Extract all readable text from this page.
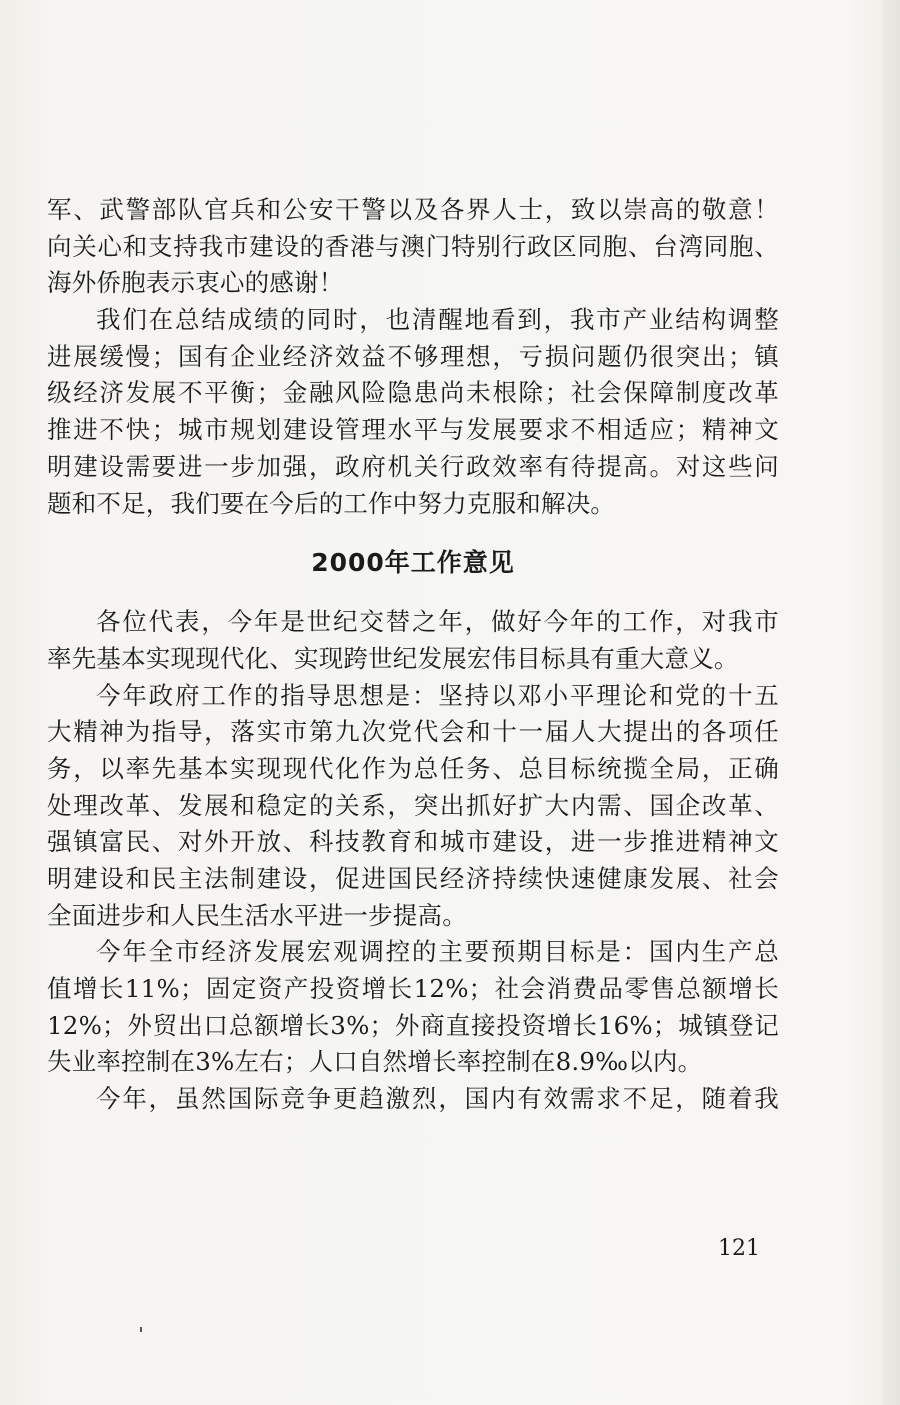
军、武警部队官兵和公安干警以及各界人士，致以崇高的敬意！
向关心和支持我市建设的香港与澳门特别行政区同胞、台湾同胞、
海外侨胞表示衷心的感谢！
我们在总结成绩的同时，也清醒地看到，我市产业结构调整
进展缓慢；国有企业经济效益不够理想，亏损问题仍很突出；镇
级经济发展不平衡；金融风险隐患尚未根除；社会保障制度改革
推进不快；城市规划建设管理水平与发展要求不相适应；精神文
明建设需要进一步加强，政府机关行政效率有待提高。对这些问
题和不足，我们要在今后的工作中努力克服和解决。
2000年工作意见
各位代表，今年是世纪交替之年，做好今年的工作，对我市
率先基本实现现代化、实现跨世纪发展宏伟目标具有重大意义。
今年政府工作的指导思想是：坚持以邓小平理论和党的十五
大精神为指导，落实市第九次党代会和十一届人大提出的各项任
务，以率先基本实现现代化作为总任务、总目标统揽全局，正确
处理改革、发展和稳定的关系，突出抓好扩大内需、国企改革、
强镇富民、对外开放、科技教育和城市建设，进一步推进精神文
明建设和民主法制建设，促进国民经济持续快速健康发展、社会
全面进步和人民生活水平进一步提高。
今年全市经济发展宏观调控的主要预期目标是：国内生产总
值增长11%；固定资产投资增长12%；社会消费品零售总额增长
12%；外贸出口总额增长3%；外商直接投资增长16%；城镇登记
失业率控制在3%左右；人口自然增长率控制在8.9‰以内。
今年，虽然国际竞争更趋激烈，国内有效需求不足，随着我
121
